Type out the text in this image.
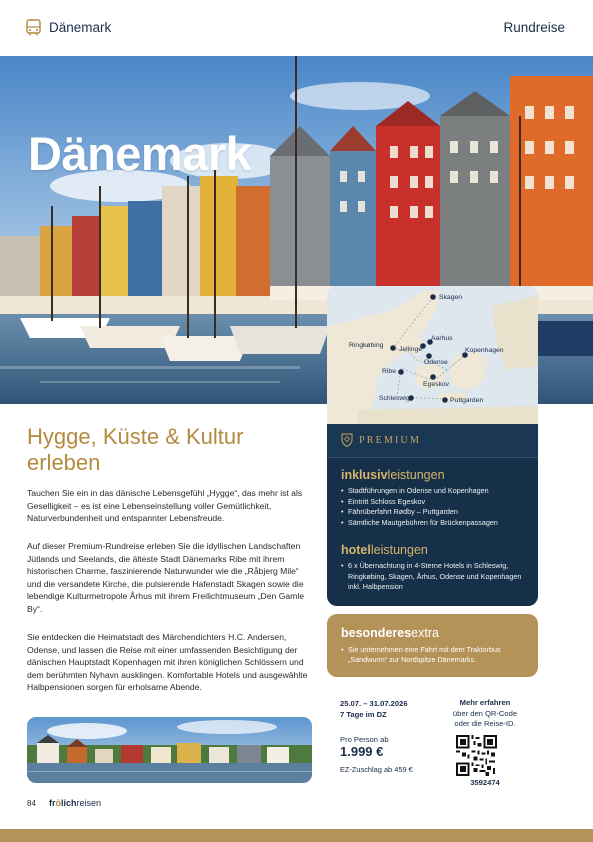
Dänemark	Rundreise
Dänemark
Skagen
Ringkøbing
Aarhus
Jellinge
Odense
Kopenhagen
Ribe
Egeskov
Schleswig	Puttgarden
Hygge, Küste & Kultur erleben

Tauchen Sie ein in das dänische Lebensgefühl „Hygge“, das mehr ist als Geselligkeit – es ist eine Lebenseinstellung voller Gemütlichkeit, Naturverbundenheit und entspannter Lebensfreude.

Auf dieser Premium-Rundreise erleben Sie die idyllischen Landschaften Jütlands und Seelands, die älteste Stadt Dänemarks Ribe mit ihrem historischen Charme, faszinierende Naturwunder wie die „Råbjerg Mile“ und die versandete Kirche, die pulsierende Hafenstadt Skagen sowie die lebendige Kulturmetropole Århus mit ihrem Freilichtmuseum „Den Gamle By“.

Sie entdecken die Heimatstadt des Märchendichters H.C. Andersen, Odense, und lassen die Reise mit einer umfassenden Besichtigung der dänischen Hauptstadt Kopenhagen mit ihren königlichen Schlössern und dem berühmten Nyhavn ausklingen. Komfortable Hotels und ausgewählte Halbpensionen sorgen für erholsame Abende.

PREMIUM
inklusivleistungen
• Stadtführungen in Odense und Kopenhagen
• Eintritt Schloss Egeskov
• Fährüberfahrt Rødby – Puttgarden
• Sämtliche Mautgebühren für Brückenpassagen
hotelleistungen
• 6 x Übernachtung in 4-Sterne Hotels in Schleswig, Ringkøbing, Skagen, Århus, Odense und Kopenhagen inkl. Halbpension
besonderesextra
• Sie unternehmen eine Fahrt mit dem Traktorbus „Sandwurm“ zur Nordspitze Dänemarks.
25.07. – 31.07.2026
7 Tage im DZ
Pro Person ab
1.999 €
EZ-Zuschlag ab 459 €
Mehr erfahren
über den QR-Code
oder die Reise-ID.
3592474
84 frölichreisen
